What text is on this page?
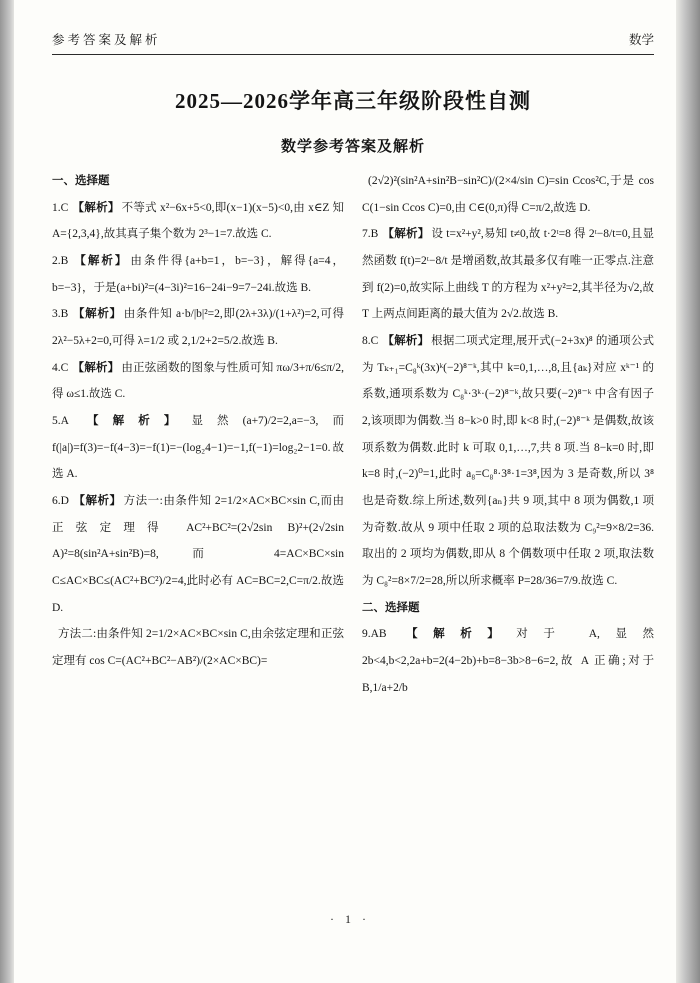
参考答案及解析	数学
2025—2026学年高三年级阶段性自测
数学参考答案及解析
一、选择题

1.C 【解析】 不等式 x²−6x+5<0,即(x−1)(x−5)<0,由 x∈Z 知 A={2,3,4},故其真子集个数为 2³−1=7.故选 C.

2.B 【解析】 由条件得{a+b=1，b=−3}，解得{a=4，b=−3}，于是(a+bi)²=(4−3i)²=16−24i−9=7−24i.故选 B.

3.B 【解析】 由条件知 a·b/|b|²=2,即(2λ+3λ)/(1+λ²)=2,可得 2λ²−5λ+2=0,可得 λ=1/2 或 2,1/2+2=5/2.故选 B.

4.C 【解析】 由正弦函数的图象与性质可知 πω/3+π/6≤π/2,得 ω≤1.故选 C.

5.A 【解析】 显然(a+7)/2=2,a=−3,而 f(|a|)=f(3)=−f(4−3)=−f(1)=−(log₂4−1)=−1,f(−1)=log₂2−1=0.故选 A.

6.D 【解析】 方法一:由条件知 2=1/2×AC×BC×sin C,而由正弦定理得 AC²+BC²=(2√2sin B)²+(2√2sin A)²=8(sin²A+sin²B)=8,而 4=AC×BC×sin C≤AC×BC≤(AC²+BC²)/2=4,此时必有 AC=BC=2,C=π/2.故选 D.

方法二:由条件知 2=1/2×AC×BC×sin C,由余弦定理和正弦定理有 cos C=(AC²+BC²−AB²)/(2×AC×BC)=

(2√2)²(sin²A+sin²B−sin²C)/(2×4/sin C)=sin Ccos²C,于是 cos C(1−sin Ccos C)=0,由 C∈(0,π)得 C=π/2,故选 D.

7.B 【解析】 设 t=x²+y²,易知 t≠0,故 t·2ᵗ=8 得 2ᵗ−8/t=0,且显然函数 f(t)=2ᵗ−8/t 是增函数,故其最多仅有唯一正零点.注意到 f(2)=0,故实际上曲线 T 的方程为 x²+y²=2,其半径为√2,故 T 上两点间距离的最大值为 2√2.故选 B.

8.C 【解析】 根据二项式定理,展开式(−2+3x)⁸ 的通项公式为 Tₖ₊₁=C₈ᵏ(3x)ᵏ(−2)⁸⁻ᵏ,其中 k=0,1,…,8,且{aₖ}对应 xᵏ⁻¹ 的系数,通项系数为 C₈ᵏ·3ᵏ·(−2)⁸⁻ᵏ,故只要(−2)⁸⁻ᵏ 中含有因子 2,该项即为偶数.当 8−k>0 时,即 k<8 时,(−2)⁸⁻ᵏ 是偶数,故该项系数为偶数.此时 k 可取 0,1,…,7,共 8 项.当 8−k=0 时,即 k=8 时,(−2)⁰=1,此时 a₈=C₈⁸·3⁸·1=3⁸,因为 3 是奇数,所以 3⁸ 也是奇数.综上所述,数列{aₙ}共 9 项,其中 8 项为偶数,1 项为奇数.故从 9 项中任取 2 项的总取法数为 C₉²=9×8/2=36.取出的 2 项均为偶数,即从 8 个偶数项中任取 2 项,取法数为 C₈²=8×7/2=28,所以所求概率 P=28/36=7/9.故选 C.

二、选择题

9.AB 【解析】 对于 A,显然 2b<4,b<2,2a+b=2(4−2b)+b=8−3b>8−6=2,故 A 正确;对于 B,1/a+2/b

· 1 ·
